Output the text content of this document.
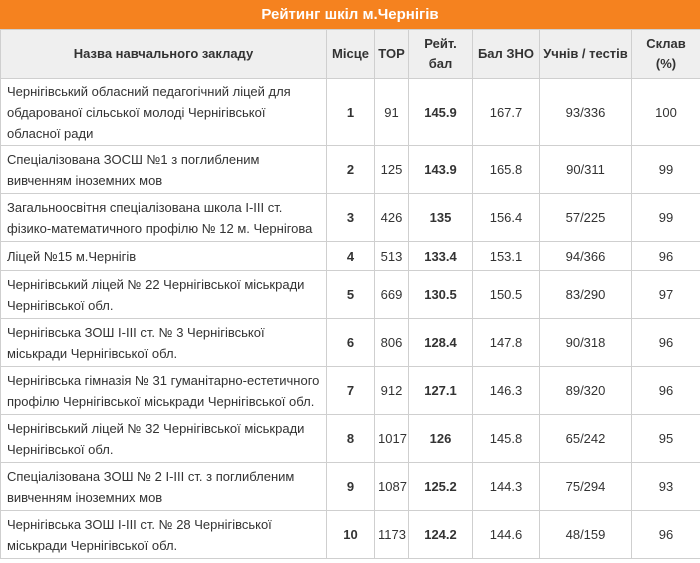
Рейтинг шкіл м.Чернігів
Назва навчального закладу	Місце	TOP	Рейт. бал	Бал ЗНО	Учнів / тестів	Склав (%)
Чернігівський обласний педагогічний ліцей для обдарованої сільської молоді Чернігівської обласної ради	1	91	145.9	167.7	93/336	100
Спеціалізована ЗОСШ №1 з поглибленим вивченням іноземних мов	2	125	143.9	165.8	90/311	99
Загальноосвітня спеціалізована школа І-ІІІ ст. фізико-математичного профілю № 12 м. Чернігова	3	426	135	156.4	57/225	99
Ліцей №15 м.Чернігів	4	513	133.4	153.1	94/366	96
Чернігівський ліцей № 22 Чернігівської міськради Чернігівської обл.	5	669	130.5	150.5	83/290	97
Чернігівська ЗОШ І-ІІІ ст. № 3 Чернігівської міськради Чернігівської обл.	6	806	128.4	147.8	90/318	96
Чернігівська гімназія № 31 гуманітарно-естетичного профілю Чернігівської міськради Чернігівської обл.	7	912	127.1	146.3	89/320	96
Чернігівський ліцей № 32 Чернігівської міськради Чернігівської обл.	8	1017	126	145.8	65/242	95
Спеціалізована ЗОШ № 2 І-ІІІ ст. з поглибленим вивченням іноземних мов	9	1087	125.2	144.3	75/294	93
Чернігівська ЗОШ І-ІІІ ст. № 28 Чернігівської міськради Чернігівської обл.	10	1173	124.2	144.6	48/159	96
